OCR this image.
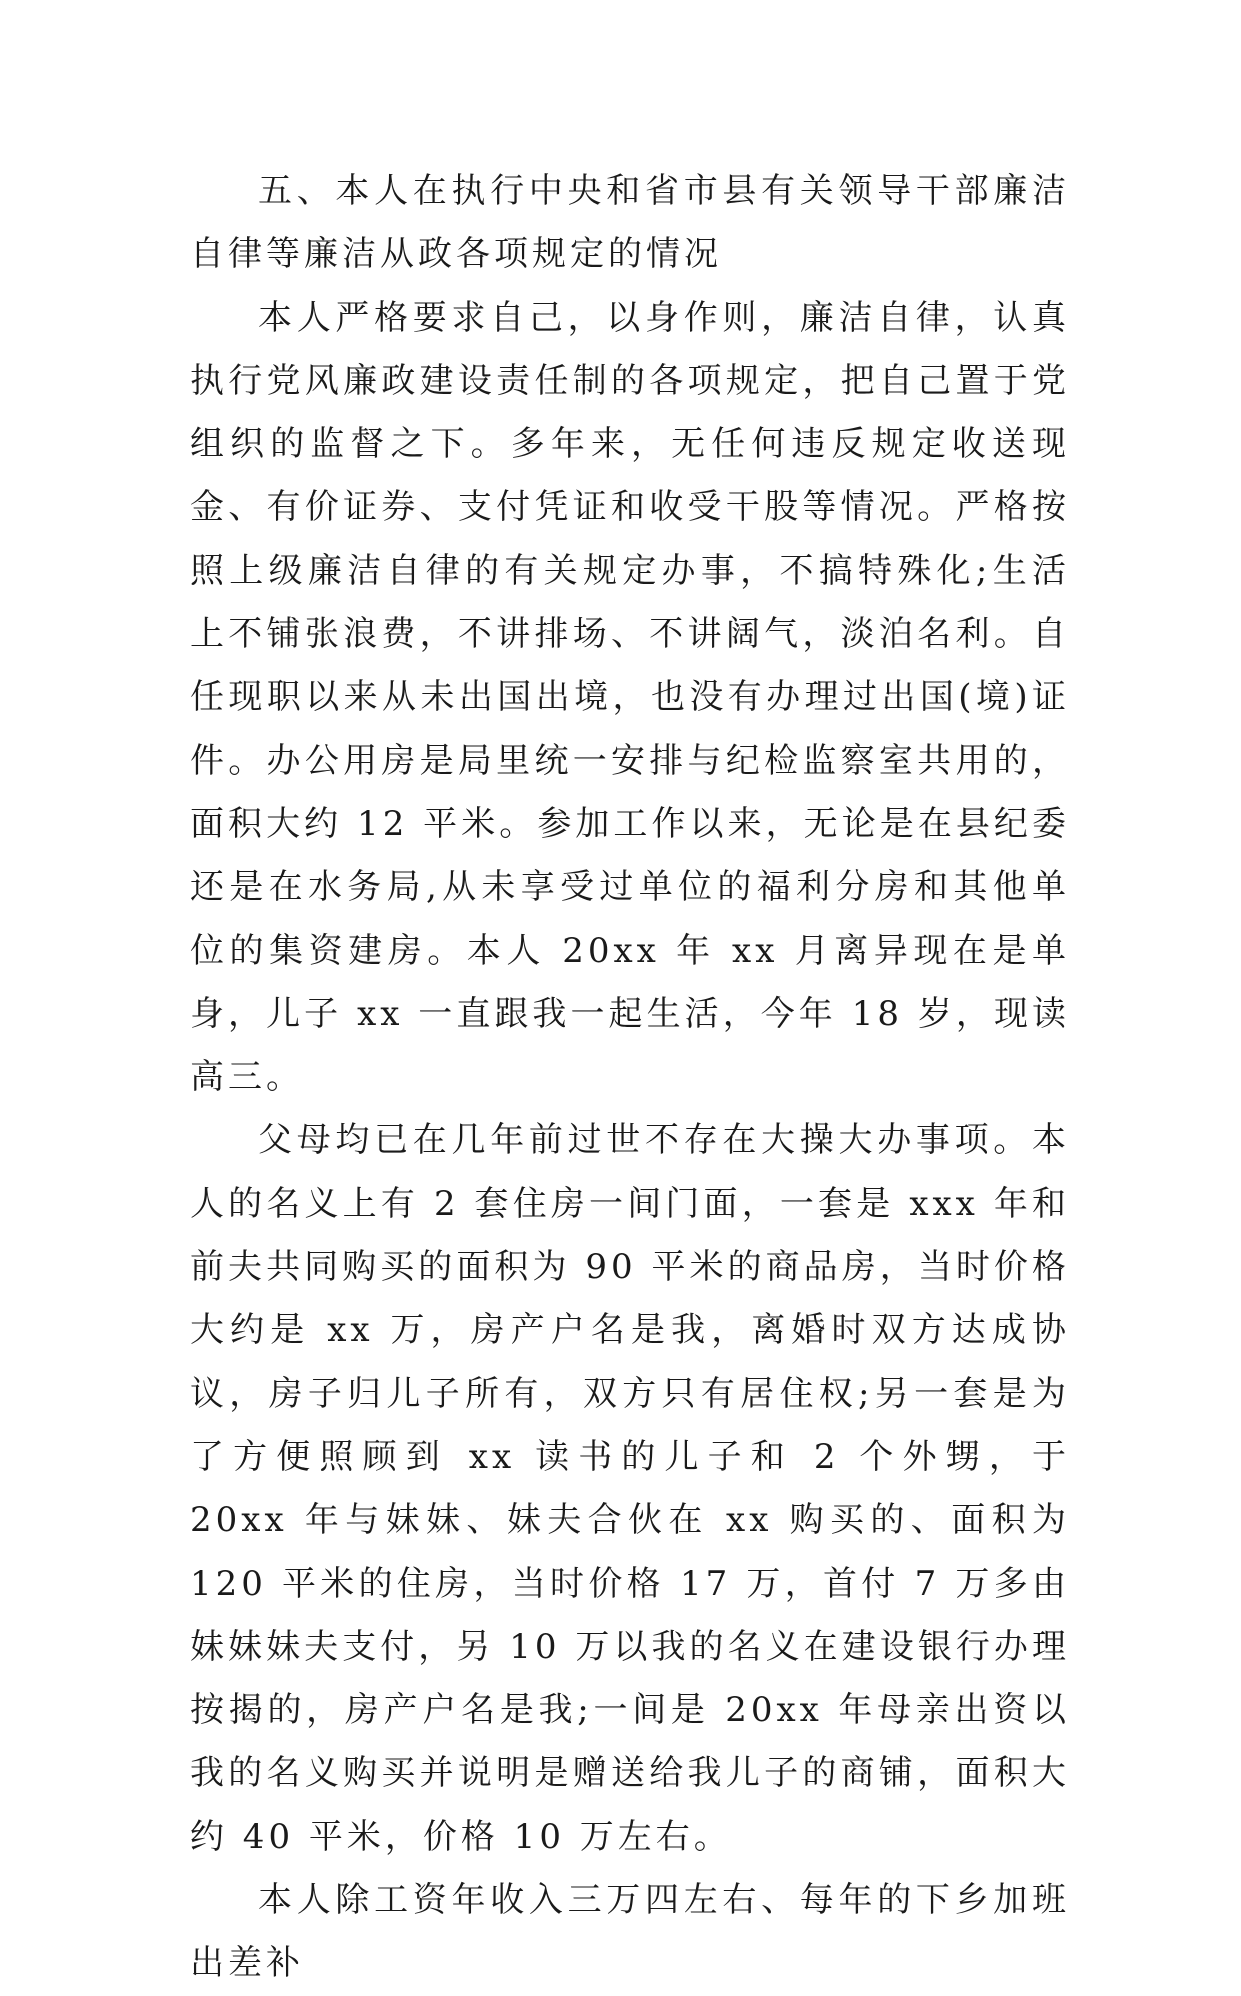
五、本人在执行中央和省市县有关领导干部廉洁自律等廉洁从政各项规定的情况

本人严格要求自己，以身作则，廉洁自律，认真执行党风廉政建设责任制的各项规定，把自己置于党组织的监督之下。多年来，无任何违反规定收送现金、有价证券、支付凭证和收受干股等情况。严格按照上级廉洁自律的有关规定办事，不搞特殊化;生活上不铺张浪费，不讲排场、不讲阔气，淡泊名利。自任现职以来从未出国出境，也没有办理过出国(境)证件。办公用房是局里统一安排与纪检监察室共用的，面积大约 12 平米。参加工作以来，无论是在县纪委还是在水务局,从未享受过单位的福利分房和其他单位的集资建房。本人 20xx 年 xx 月离异现在是单身，儿子 xx 一直跟我一起生活，今年 18 岁，现读高三。

父母均已在几年前过世不存在大操大办事项。本人的名义上有 2 套住房一间门面，一套是 xxx 年和前夫共同购买的面积为 90 平米的商品房，当时价格大约是 xx 万，房产户名是我，离婚时双方达成协议，房子归儿子所有，双方只有居住权;另一套是为了方便照顾到 xx 读书的儿子和 2 个外甥，于 20xx 年与妹妹、妹夫合伙在 xx 购买的、面积为 120 平米的住房，当时价格 17 万，首付 7 万多由妹妹妹夫支付，另 10 万以我的名义在建设银行办理按揭的，房产户名是我;一间是 20xx 年母亲出资以我的名义购买并说明是赠送给我儿子的商铺，面积大约 40 平米，价格 10 万左右。

本人除工资年收入三万四左右、每年的下乡加班出差补
